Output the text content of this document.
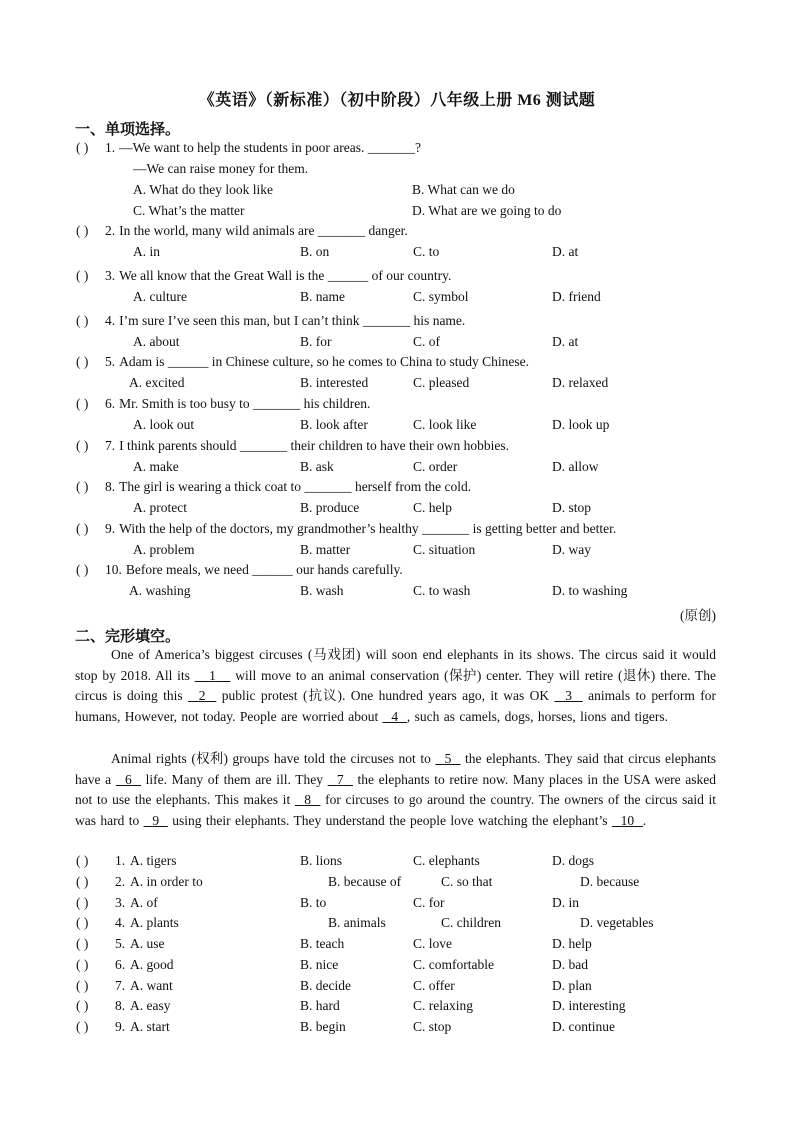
《英语》（新标准）（初中阶段）八年级上册 M6 测试题
一、单项选择。
( ) 1. —We want to help the students in poor areas. _______?
—We can raise money for them.
A. What do they look like	B. What can we do
C. What’s the matter	D. What are we going to do
( ) 2. In the world, many wild animals are _______ danger.
A. in	B. on	C. to	D. at
( ) 3. We all know that the Great Wall is the ______ of our country.
A. culture	B. name	C. symbol	D. friend
( ) 4. I’m sure I’ve seen this man, but I can’t think _______ his name.
A. about	B. for	C. of	D. at
( ) 5. Adam is ______ in Chinese culture, so he comes to China to study Chinese.
A. excited	B. interested	C. pleased	D. relaxed
( ) 6. Mr. Smith is too busy to _______ his children.
A. look out	B. look after	C. look like	D. look up
( ) 7. I think parents should _______ their children to have their own hobbies.
A. make	B. ask	C. order	D. allow
( ) 8. The girl is wearing a thick coat to _______ herself from the cold.
A. protect	B. produce	C. help	D. stop
( ) 9. With the help of the doctors, my grandmother’s healthy _______ is getting better and better.
A. problem	B. matter	C. situation	D. way
( ) 10. Before meals, we need ______ our hands carefully.
A. washing	B. wash	C. to wash	D. to washing
(原创)
二、完形填空。
One of America’s biggest circuses (马戏团) will soon end elephants in its shows. The circus said it would stop by 2018. All its    1    will move to an animal conservation (保护) center. They will retire (退休) there. The circus is doing this   2   public protest (抗议). One hundred years ago, it was OK   3   animals to perform for humans, However, not today. People are worried about   4 , such as camels, dogs, horses, lions and tigers.
Animal rights (权利) groups have told the circuses not to   5   the elephants. They said that circus elephants have a   6   life. Many of them are ill. They   7   the elephants to retire now. Many places in the USA were asked not to use the elephants. This makes it   8   for circuses to go around the country. The owners of the circus said it was hard to   9   using their elephants. They understand the people love watching the elephant’s   10 .
( ) 1. A. tigers	B. lions	C. elephants	D. dogs
( ) 2. A. in order to	B. because of	C. so that	D. because
( ) 3. A. of	B. to	C. for	D. in
( ) 4. A. plants	B. animals	C. children	D. vegetables
( ) 5. A. use	B. teach	C. love	D. help
( ) 6. A. good	B. nice	C. comfortable	D. bad
( ) 7. A. want	B. decide	C. offer	D. plan
( ) 8. A. easy	B. hard	C. relaxing	D. interesting
( ) 9. A. start	B. begin	C. stop	D. continue
